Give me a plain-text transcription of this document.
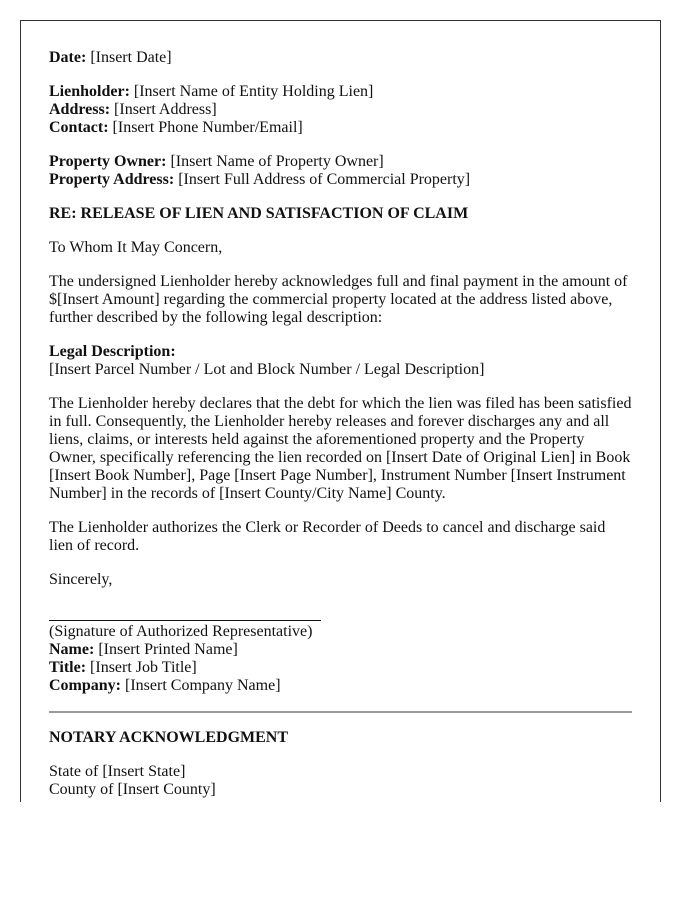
Date: [Insert Date]

Lienholder: [Insert Name of Entity Holding Lien]
Address: [Insert Address]
Contact: [Insert Phone Number/Email]

Property Owner: [Insert Name of Property Owner]
Property Address: [Insert Full Address of Commercial Property]

RE: RELEASE OF LIEN AND SATISFACTION OF CLAIM

To Whom It May Concern,

The undersigned Lienholder hereby acknowledges full and final payment in the amount of $[Insert Amount] regarding the commercial property located at the address listed above, further described by the following legal description:

Legal Description:
[Insert Parcel Number / Lot and Block Number / Legal Description]

The Lienholder hereby declares that the debt for which the lien was filed has been satisfied in full. Consequently, the Lienholder hereby releases and forever discharges any and all liens, claims, or interests held against the aforementioned property and the Property Owner, specifically referencing the lien recorded on [Insert Date of Original Lien] in Book [Insert Book Number], Page [Insert Page Number], Instrument Number [Insert Instrument Number] in the records of [Insert County/City Name] County.

The Lienholder authorizes the Clerk or Recorder of Deeds to cancel and discharge said lien of record.

Sincerely,

(Signature of Authorized Representative)
Name: [Insert Printed Name]
Title: [Insert Job Title]
Company: [Insert Company Name]

NOTARY ACKNOWLEDGMENT

State of [Insert State]
County of [Insert County]
